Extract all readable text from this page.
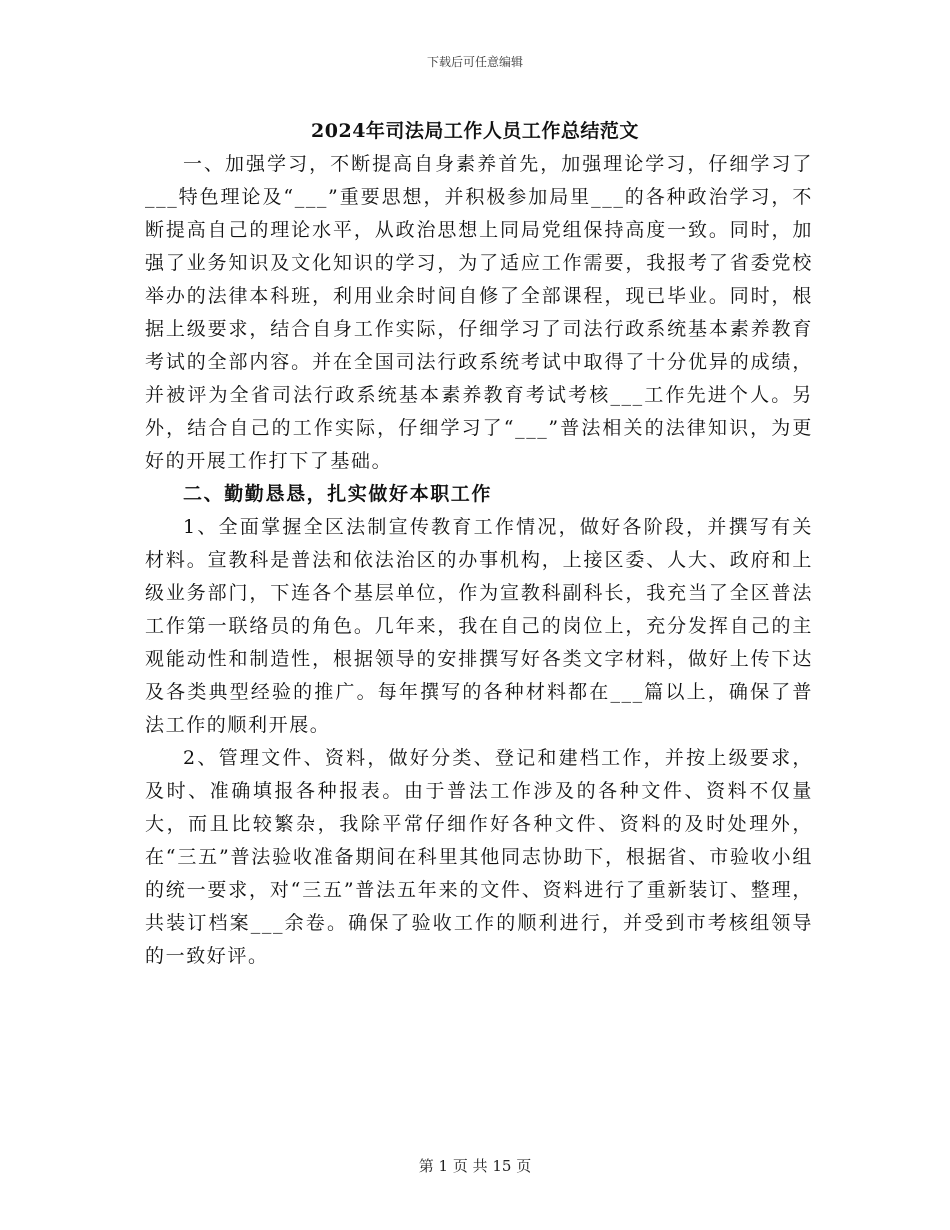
下载后可任意编辑
2024年司法局工作人员工作总结范文

一、加强学习，不断提高自身素养首先，加强理论学习，仔细学习了___特色理论及“___”重要思想，并积极参加局里___的各种政治学习，不断提高自己的理论水平，从政治思想上同局党组保持高度一致。同时，加强了业务知识及文化知识的学习，为了适应工作需要，我报考了省委党校举办的法律本科班，利用业余时间自修了全部课程，现已毕业。同时，根据上级要求，结合自身工作实际，仔细学习了司法行政系统基本素养教育考试的全部内容。并在全国司法行政系统考试中取得了十分优异的成绩，并被评为全省司法行政系统基本素养教育考试考核___工作先进个人。另外，结合自己的工作实际，仔细学习了“___”普法相关的法律知识，为更好的开展工作打下了基础。

二、勤勤恳恳，扎实做好本职工作

1、全面掌握全区法制宣传教育工作情况，做好各阶段，并撰写有关材料。宣教科是普法和依法治区的办事机构，上接区委、人大、政府和上级业务部门，下连各个基层单位，作为宣教科副科长，我充当了全区普法工作第一联络员的角色。几年来，我在自己的岗位上，充分发挥自己的主观能动性和制造性，根据领导的安排撰写好各类文字材料，做好上传下达及各类典型经验的推广。每年撰写的各种材料都在___篇以上，确保了普法工作的顺利开展。

2、管理文件、资料，做好分类、登记和建档工作，并按上级要求，及时、准确填报各种报表。由于普法工作涉及的各种文件、资料不仅量大，而且比较繁杂，我除平常仔细作好各种文件、资料的及时处理外，在“三五”普法验收准备期间在科里其他同志协助下，根据省、市验收小组的统一要求，对“三五”普法五年来的文件、资料进行了重新装订、整理，共装订档案___余卷。确保了验收工作的顺利进行，并受到市考核组领导的一致好评。

第 1 页 共 15 页
